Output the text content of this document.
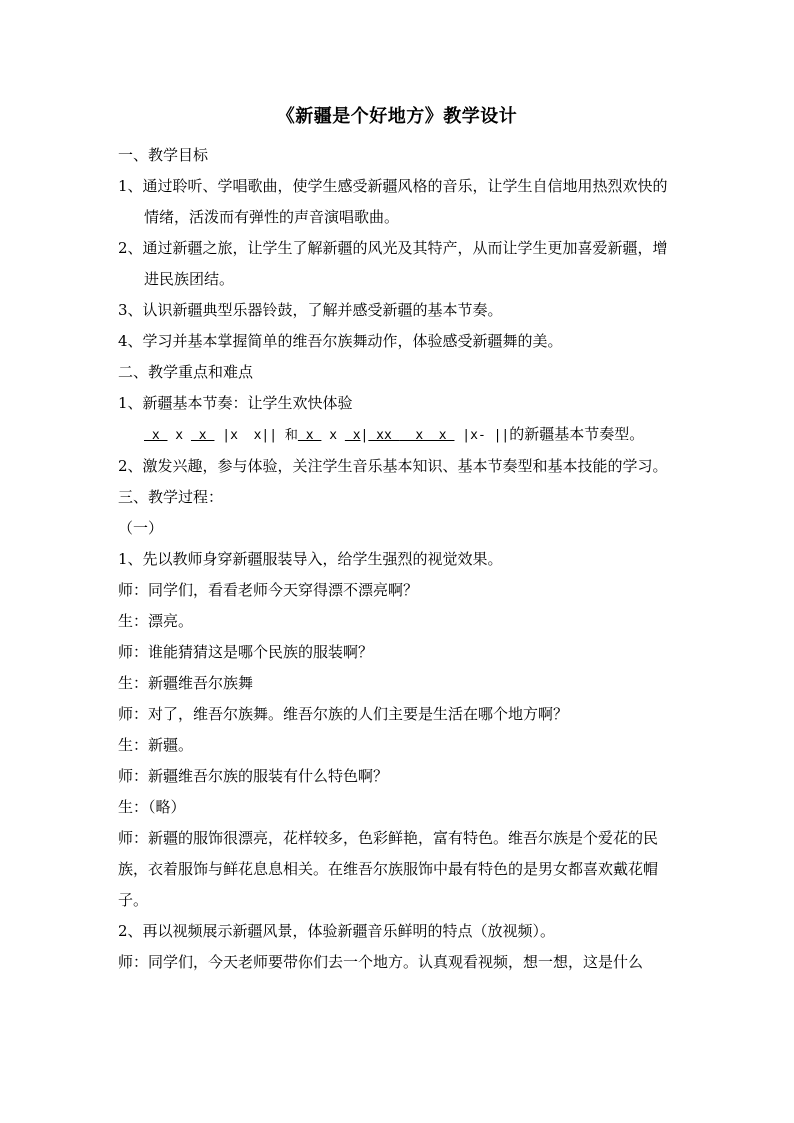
《新疆是个好地方》教学设计

一、教学目标

1、通过聆听、学唱歌曲，使学生感受新疆风格的音乐，让学生自信地用热烈欢快的情绪，活泼而有弹性的声音演唱歌曲。

2、通过新疆之旅，让学生了解新疆的风光及其特产，从而让学生更加喜爱新疆，增进民族团结。

3、认识新疆典型乐器铃鼓，了解并感受新疆的基本节奏。

4、学习并基本掌握简单的维吾尔族舞动作，体验感受新疆舞的美。

二、教学重点和难点

1、新疆基本节奏：让学生欢快体验 x  x  x  |x  x|| 和 x  x  x| xx   x  x  |x- ||的新疆基本节奏型。

2、激发兴趣，参与体验，关注学生音乐基本知识、基本节奏型和基本技能的学习。

三、教学过程：

（一）

1、先以教师身穿新疆服装导入，给学生强烈的视觉效果。

师：同学们，看看老师今天穿得漂不漂亮啊？

生：漂亮。

师：谁能猜猜这是哪个民族的服装啊？

生：新疆维吾尔族舞

师：对了，维吾尔族舞。维吾尔族的人们主要是生活在哪个地方啊？

生：新疆。

师：新疆维吾尔族的服装有什么特色啊？

生：（略）

师：新疆的服饰很漂亮，花样较多，色彩鲜艳，富有特色。维吾尔族是个爱花的民族，衣着服饰与鲜花息息相关。在维吾尔族服饰中最有特色的是男女都喜欢戴花帽子。

2、再以视频展示新疆风景，体验新疆音乐鲜明的特点（放视频）。

师：同学们，今天老师要带你们去一个地方。认真观看视频，想一想，这是什么
